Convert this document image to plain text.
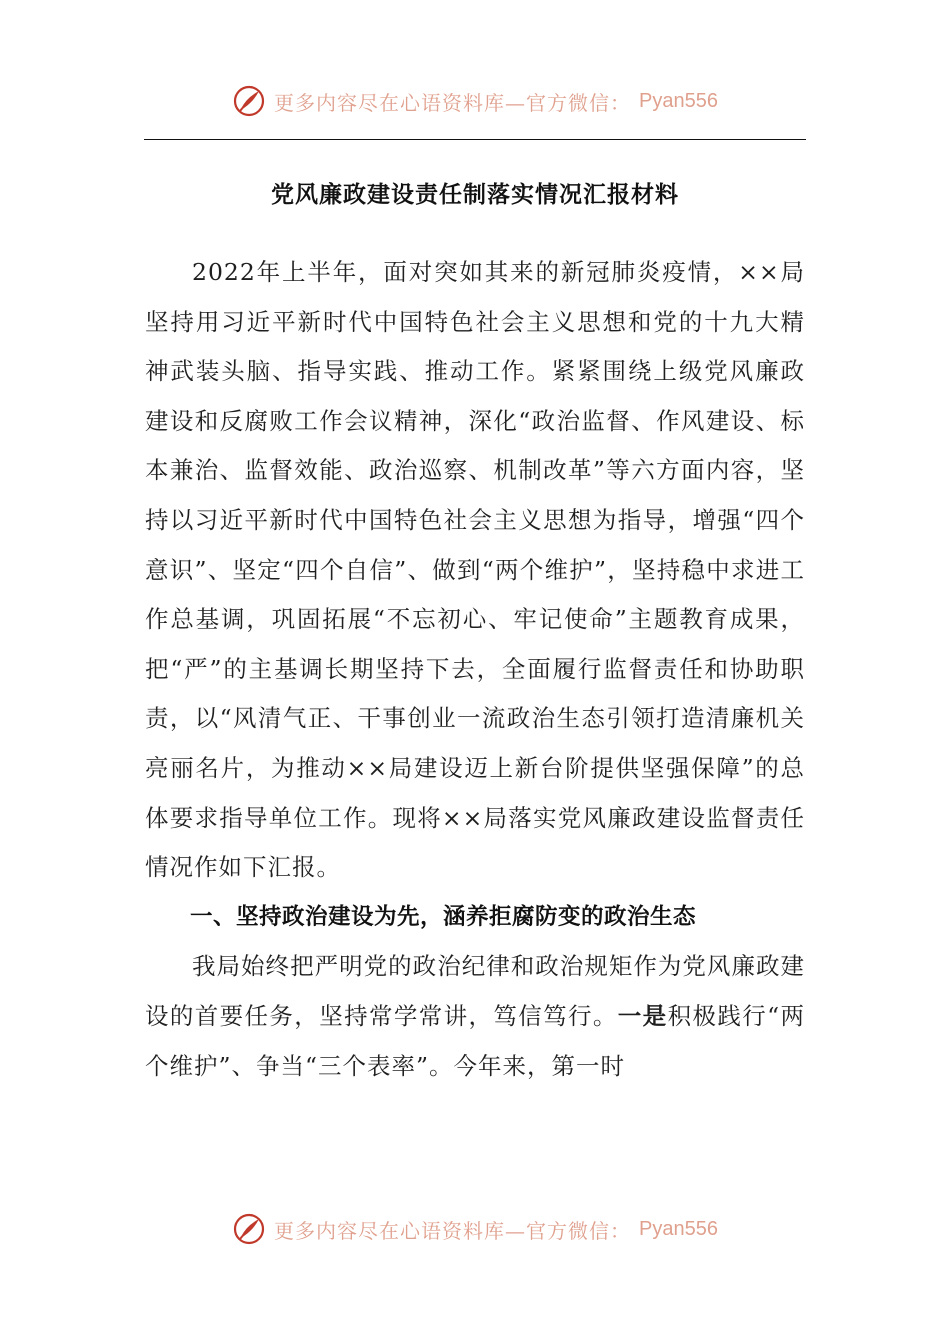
更多内容尽在心语资料库—官方微信： Pyan556
党风廉政建设责任制落实情况汇报材料

2022年上半年，面对突如其来的新冠肺炎疫情，××局坚持用习近平新时代中国特色社会主义思想和党的十九大精神武装头脑、指导实践、推动工作。紧紧围绕上级党风廉政建设和反腐败工作会议精神，深化“政治监督、作风建设、标本兼治、监督效能、政治巡察、机制改革”等六方面内容，坚持以习近平新时代中国特色社会主义思想为指导，增强“四个意识”、坚定“四个自信”、做到“两个维护”，坚持稳中求进工作总基调，巩固拓展“不忘初心、牢记使命”主题教育成果，把“严”的主基调长期坚持下去，全面履行监督责任和协助职责，以“风清气正、干事创业一流政治生态引领打造清廉机关亮丽名片，为推动××局建设迈上新台阶提供坚强保障”的总体要求指导单位工作。现将××局落实党风廉政建设监督责任情况作如下汇报。

一、坚持政治建设为先，涵养拒腐防变的政治生态

我局始终把严明党的政治纪律和政治规矩作为党风廉政建设的首要任务，坚持常学常讲，笃信笃行。一是积极践行“两个维护”、争当“三个表率”。今年来，第一时

更多内容尽在心语资料库—官方微信： Pyan556
